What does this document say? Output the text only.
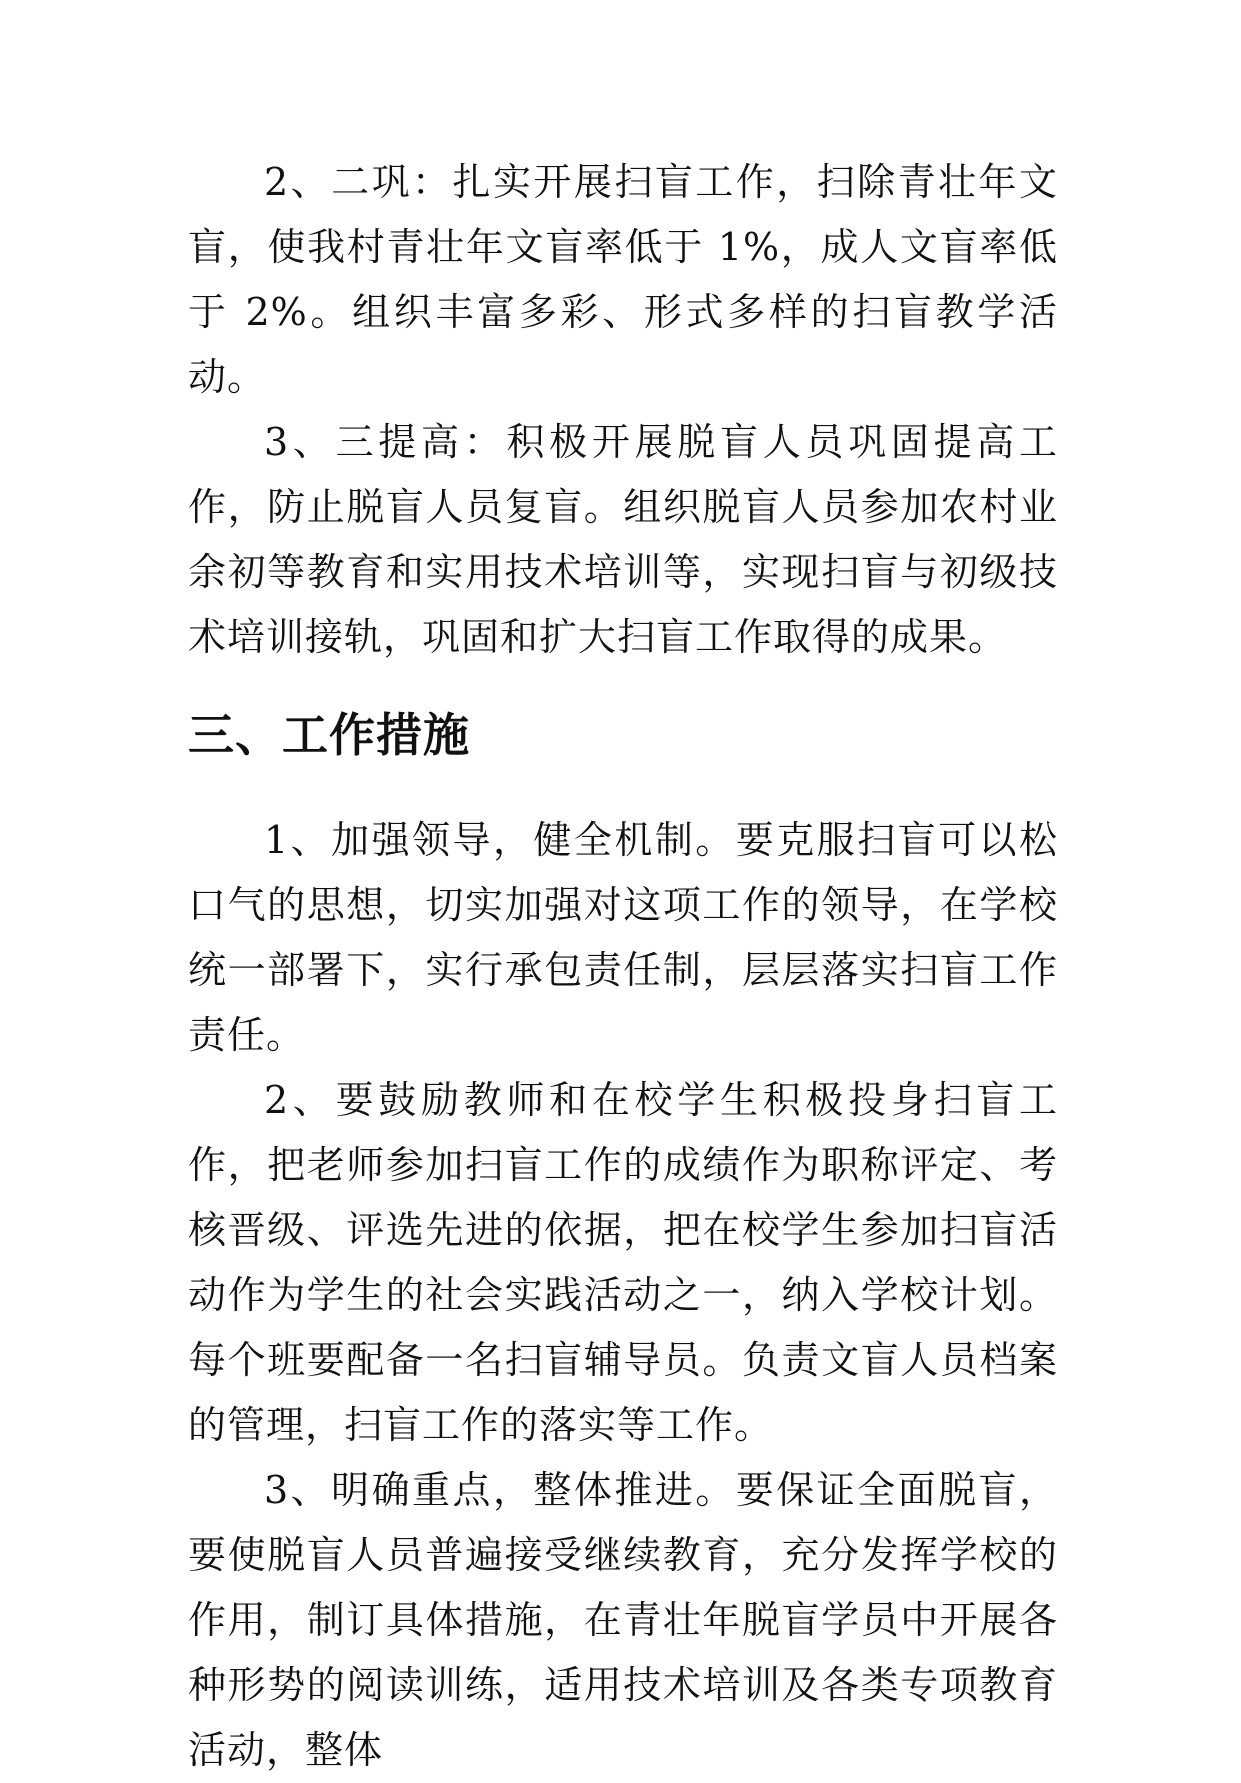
2、二巩：扎实开展扫盲工作，扫除青壮年文盲，使我村青壮年文盲率低于 1%，成人文盲率低于 2%。组织丰富多彩、形式多样的扫盲教学活动。

3、三提高：积极开展脱盲人员巩固提高工作，防止脱盲人员复盲。组织脱盲人员参加农村业余初等教育和实用技术培训等，实现扫盲与初级技术培训接轨，巩固和扩大扫盲工作取得的成果。

三、工作措施

1、加强领导，健全机制。要克服扫盲可以松口气的思想，切实加强对这项工作的领导，在学校统一部署下，实行承包责任制，层层落实扫盲工作责任。

2、要鼓励教师和在校学生积极投身扫盲工作，把老师参加扫盲工作的成绩作为职称评定、考核晋级、评选先进的依据，把在校学生参加扫盲活动作为学生的社会实践活动之一，纳入学校计划。每个班要配备一名扫盲辅导员。负责文盲人员档案的管理，扫盲工作的落实等工作。

3、明确重点，整体推进。要保证全面脱盲，要使脱盲人员普遍接受继续教育，充分发挥学校的作用，制订具体措施，在青壮年脱盲学员中开展各种形势的阅读训练，适用技术培训及各类专项教育活动，整体
